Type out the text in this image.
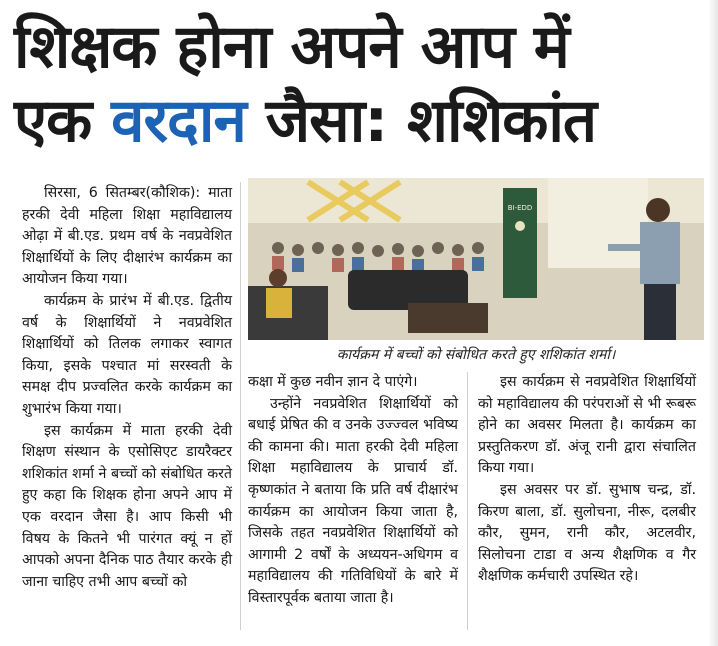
शिक्षक होना अपने आप में
एक वरदान जैसा: शशिकांत

सिरसा, 6 सितम्बर(कौशिक): माता हरकी देवी महिला शिक्षा महाविद्यालय ओढ़ा में बी.एड. प्रथम वर्ष के नवप्रवेशित शिक्षार्थियों के लिए दीक्षारंभ कार्यक्रम का आयोजन किया गया।

कार्यक्रम के प्रारंभ में बी.एड. द्वितीय वर्ष के शिक्षार्थियों ने नवप्रवेशित शिक्षार्थियों को तिलक लगाकर स्वागत किया, इसके पश्चात मां सरस्वती के समक्ष दीप प्रज्वलित करके कार्यक्रम का शुभारंभ किया गया।

इस कार्यक्रम में माता हरकी देवी शिक्षण संस्थान के एसोसिएट डायरैक्टर शशिकांत शर्मा ने बच्चों को संबोधित करते हुए कहा कि शिक्षक होना अपने आप में एक वरदान जैसा है। आप किसी भी विषय के कितने भी पारंगत क्यूं न हों आपको अपना दैनिक पाठ तैयार करके ही जाना चाहिए तभी आप बच्चों को

BI-EDD
कार्यक्रम में बच्चों को संबोधित करते हुए शशिकांत शर्मा।

कक्षा में कुछ नवीन ज्ञान दे पाएंगे।

उन्होंने नवप्रवेशित शिक्षार्थियों को बधाई प्रेषित की व उनके उज्ज्वल भविष्य की कामना की। माता हरकी देवी महिला शिक्षा महाविद्यालय के प्राचार्य डॉ. कृष्णकांत ने बताया कि प्रति वर्ष दीक्षारंभ कार्यक्रम का आयोजन किया जाता है, जिसके तहत नवप्रवेशित शिक्षार्थियों को आगामी 2 वर्षों के अध्ययन-अधिगम व महाविद्यालय की गतिविधियों के बारे में विस्तारपूर्वक बताया जाता है।

इस कार्यक्रम से नवप्रवेशित शिक्षार्थियों को महाविद्यालय की परंपराओं से भी रूबरू होने का अवसर मिलता है। कार्यक्रम का प्रस्तुतिकरण डॉ. अंजू रानी द्वारा संचालित किया गया।

इस अवसर पर डॉ. सुभाष चन्द्र, डॉ. किरण बाला, डॉ. सुलोचना, नीरू, दलबीर कौर, सुमन, रानी कौर, अटलवीर, सिलोचना टाडा व अन्य शैक्षणिक व गैर शैक्षणिक कर्मचारी उपस्थित रहे।
